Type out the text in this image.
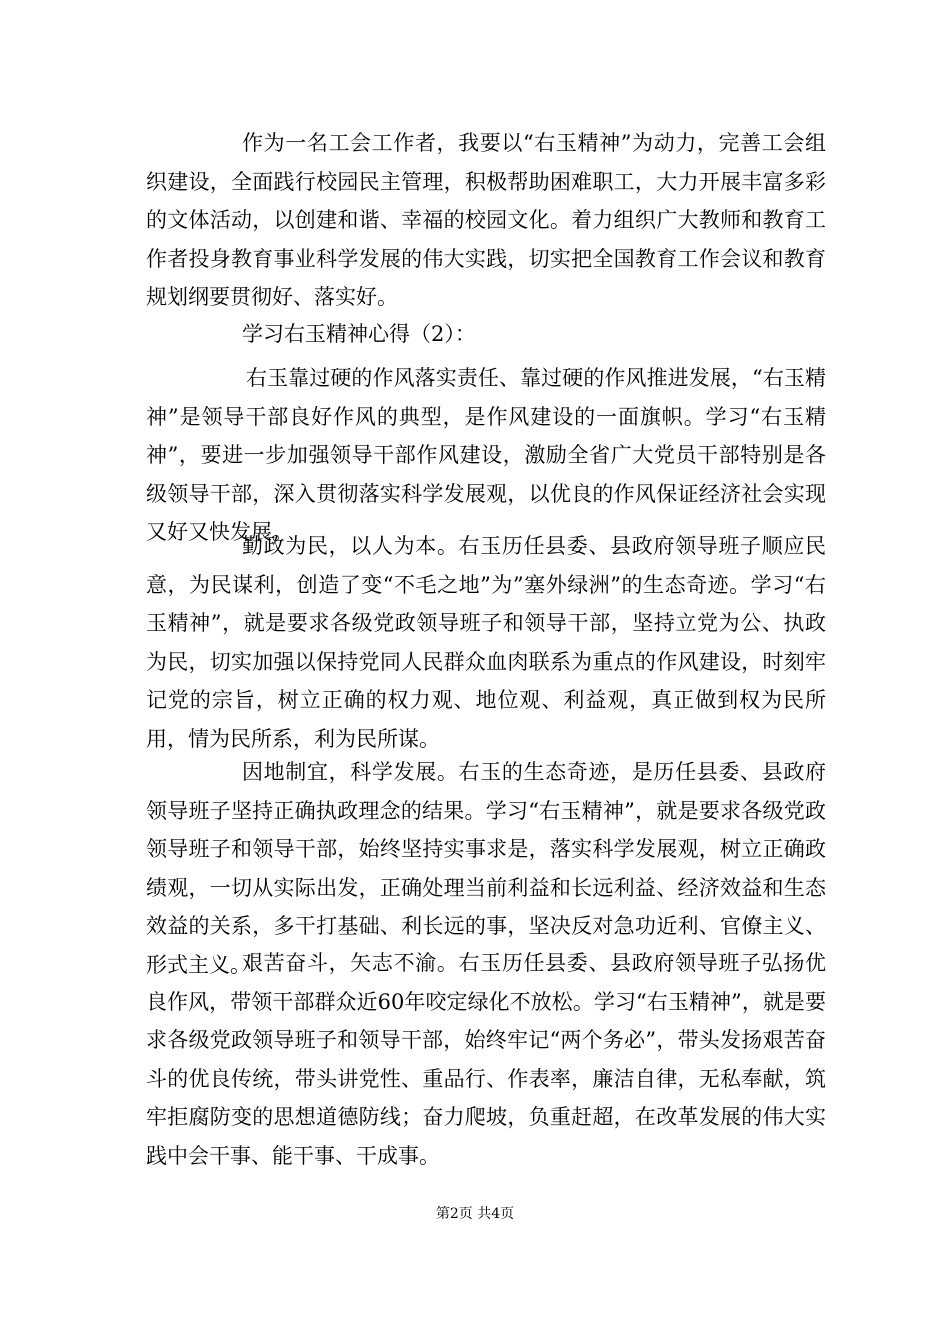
作为一名工会工作者，我要以“右玉精神”为动力，完善工会组织建设，全面践行校园民主管理，积极帮助困难职工，大力开展丰富多彩的文体活动，以创建和谐、幸福的校园文化。着力组织广大教师和教育工作者投身教育事业科学发展的伟大实践，切实把全国教育工作会议和教育规划纲要贯彻好、落实好。
学习右玉精神心得（2）：
右玉靠过硬的作风落实责任、靠过硬的作风推进发展，“右玉精神”是领导干部良好作风的典型，是作风建设的一面旗帜。学习“右玉精神”，要进一步加强领导干部作风建设，激励全省广大党员干部特别是各级领导干部，深入贯彻落实科学发展观，以优良的作风保证经济社会实现又好又快发展。
勤政为民，以人为本。右玉历任县委、县政府领导班子顺应民意，为民谋利，创造了变“不毛之地”为”塞外绿洲”的生态奇迹。学习“右玉精神”，就是要求各级党政领导班子和领导干部，坚持立党为公、执政为民，切实加强以保持党同人民群众血肉联系为重点的作风建设，时刻牢记党的宗旨，树立正确的权力观、地位观、利益观，真正做到权为民所用，情为民所系，利为民所谋。
因地制宜，科学发展。右玉的生态奇迹，是历任县委、县政府领导班子坚持正确执政理念的结果。学习“右玉精神”，就是要求各级党政领导班子和领导干部，始终坚持实事求是，落实科学发展观，树立正确政绩观，一切从实际出发，正确处理当前利益和长远利益、经济效益和生态效益的关系，多干打基础、利长远的事，坚决反对急功近利、官僚主义、形式主义。
艰苦奋斗，矢志不渝。右玉历任县委、县政府领导班子弘扬优良作风，带领干部群众近60年咬定绿化不放松。学习“右玉精神”，就是要求各级党政领导班子和领导干部，始终牢记“两个务必”，带头发扬艰苦奋斗的优良传统，带头讲党性、重品行、作表率，廉洁自律，无私奉献，筑牢拒腐防变的思想道德防线；奋力爬坡，负重赶超，在改革发展的伟大实践中会干事、能干事、干成事。
第2页 共4页
